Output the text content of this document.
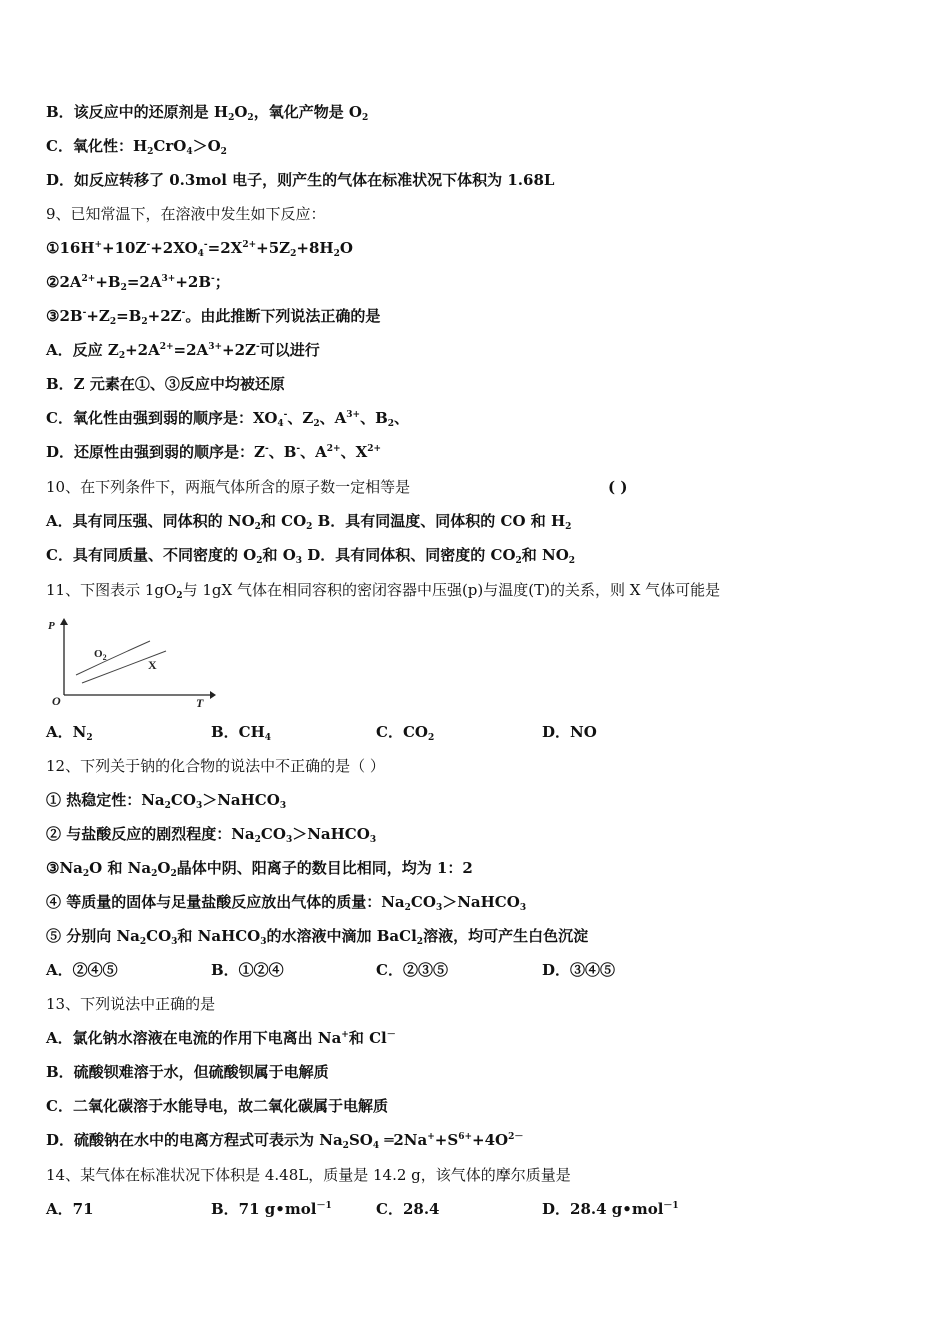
B．该反应中的还原剂是 $H_2O_2$，氧化产物是 $O_2$
C．氧化性：$H_2CrO_4>O_2$
D．如反应转移了 0.3mol 电子，则产生的气体在标准状况下体积为 1.68L
9、已知常温下，在溶液中发生如下反应：
$①16H^++10Z^-+2XO_4^-=2X^{2+}+5Z_2+8H_2O$
$②2A^{2+}+B_2=2A^{3+}+2B^-$；
$③2B^-+Z_2=B_2+2Z^-$。由此推断下列说法正确的是
A．反应 $Z_2+2A^{2+}=2A^{3+}+2Z^-$可以进行
B．Z 元素在①、③反应中均被还原
C．氧化性由强到弱的顺序是：$XO_4^-$、$Z_2$、$A^{3+}$、$B_2$、
D．还原性由强到弱的顺序是：Z-、B-、$A^{2+}$、$X^{2+}$
10、在下列条件下，两瓶气体所含的原子数一定相等是	( )
A．具有同压强、同体积的 $NO_2$和 $CO_2$ B．具有同温度、同体积的 CO 和 $H_2$
C．具有同质量、不同密度的 $O_2$和 $O_3$ D．具有同体积、同密度的 $CO_2$和 $NO_2$
11、下图表示 $1gO_2$与 1gX 气体在相同容积的密闭容器中压强(p)与温度(T)的关系，则 X 气体可能是
P
O	T
$O_2$
X
A．$N_2$	B．$CH_4$	C．$CO_2$	D．NO
12、下列关于钠的化合物的说法中不正确的是（ ）
① 热稳定性：$Na_2CO_3>NaHCO_3$
② 与盐酸反应的剧烈程度：$Na_2CO_3>NaHCO_3$
$③Na_2O$ 和 $Na_2O_2$晶体中阴、阳离子的数目比相同，均为 1：2
④ 等质量的固体与足量盐酸反应放出气体的质量：$Na_2CO_3>NaHCO_3$
⑤ 分别向 $Na_2CO_3$和 NaHCO$_3$的水溶液中滴加 BaCl$_2$溶液，均可产生白色沉淀
A．②④⑤	B．①②④	C．②③⑤	D．③④⑤
13、下列说法中正确的是
A．氯化钠水溶液在电流的作用下电离出 Na+和 Cl－
B．硫酸钡难溶于水，但硫酸钡属于电解质
C．二氧化碳溶于水能导电，故二氧化碳属于电解质
D．硫酸钠在水中的电离方程式可表示为 $Na_2SO_4$ $═2Na^++S^{6+}+4O^{2-}$
14、某气体在标准状况下体积是 4.48L，质量是 14.2 g，该气体的摩尔质量是
A．71	B．71 g•mol$^{-1}$	C．28.4	D．28.4 g•mol$^{-1}$
